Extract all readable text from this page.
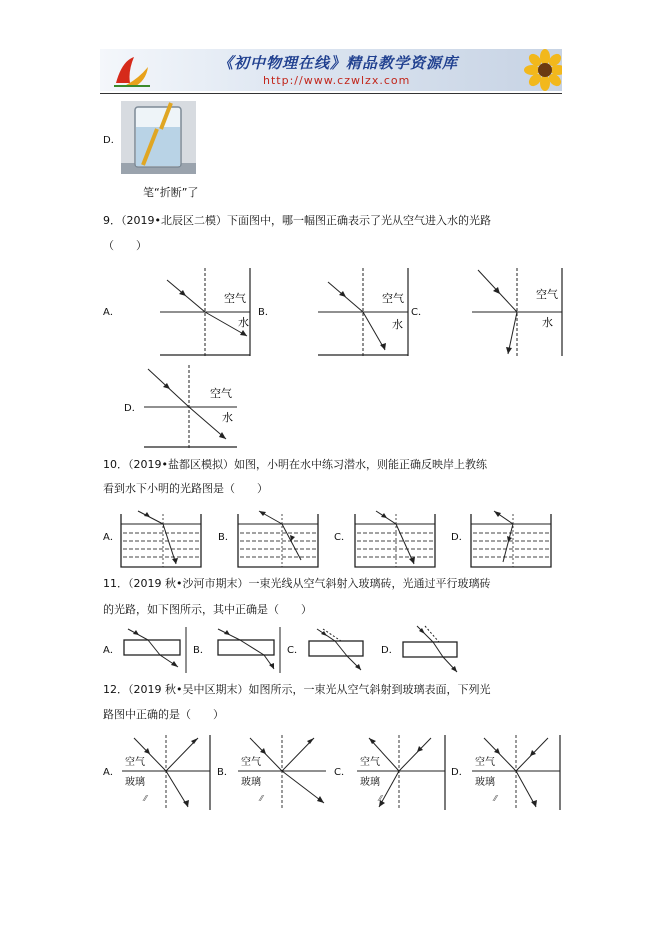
《初中物理在线》精品教学资源库
http://www.czwlzx.com
D．
笔“折断”了
9．（2019•北辰区二模）下面图中，哪一幅图正确表示了光从空气进入水的光路
（　　）
A．
空气
水
B．
空气
水
C．
空气
水
D．
空气
水
10．（2019•盐都区模拟）如图，小明在水中练习潜水，则能正确反映岸上教练
看到水下小明的光路图是（　　）
A．	B．	C．	D．
11．（2019 秋•沙河市期末）一束光线从空气斜射入玻璃砖，光通过平行玻璃砖
的光路，如下图所示，其中正确是（　　）
A．	B．	C．	D．
12．（2019 秋•吴中区期末）如图所示，一束光从空气斜射到玻璃表面，下列光
路图中正确的是（　　）
A．
空气
玻璃
⁄⁄
B．
空气
玻璃
⁄⁄
C．
空气
玻璃
⁄⁄
D．
空气
玻璃
⁄⁄
